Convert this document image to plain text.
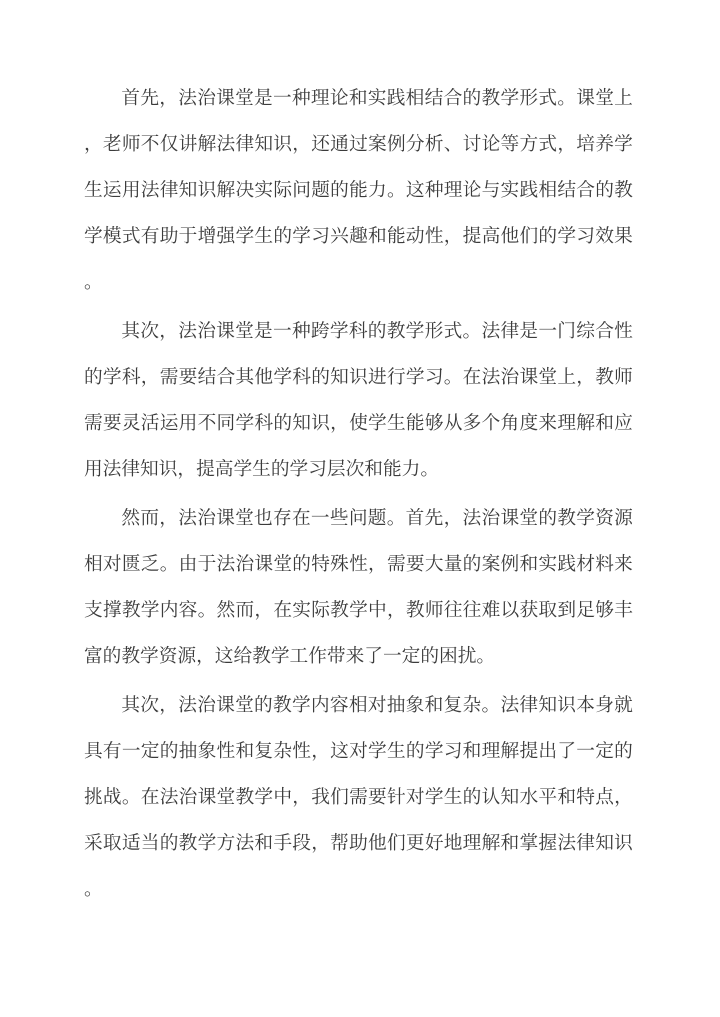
首先，法治课堂是一种理论和实践相结合的教学形式。课堂上，老师不仅讲解法律知识，还通过案例分析、讨论等方式，培养学生运用法律知识解决实际问题的能力。这种理论与实践相结合的教学模式有助于增强学生的学习兴趣和能动性，提高他们的学习效果。

其次，法治课堂是一种跨学科的教学形式。法律是一门综合性的学科，需要结合其他学科的知识进行学习。在法治课堂上，教师需要灵活运用不同学科的知识，使学生能够从多个角度来理解和应用法律知识，提高学生的学习层次和能力。

然而，法治课堂也存在一些问题。首先，法治课堂的教学资源相对匮乏。由于法治课堂的特殊性，需要大量的案例和实践材料来支撑教学内容。然而，在实际教学中，教师往往难以获取到足够丰富的教学资源，这给教学工作带来了一定的困扰。

其次，法治课堂的教学内容相对抽象和复杂。法律知识本身就具有一定的抽象性和复杂性，这对学生的学习和理解提出了一定的挑战。在法治课堂教学中，我们需要针对学生的认知水平和特点，采取适当的教学方法和手段，帮助他们更好地理解和掌握法律知识。
